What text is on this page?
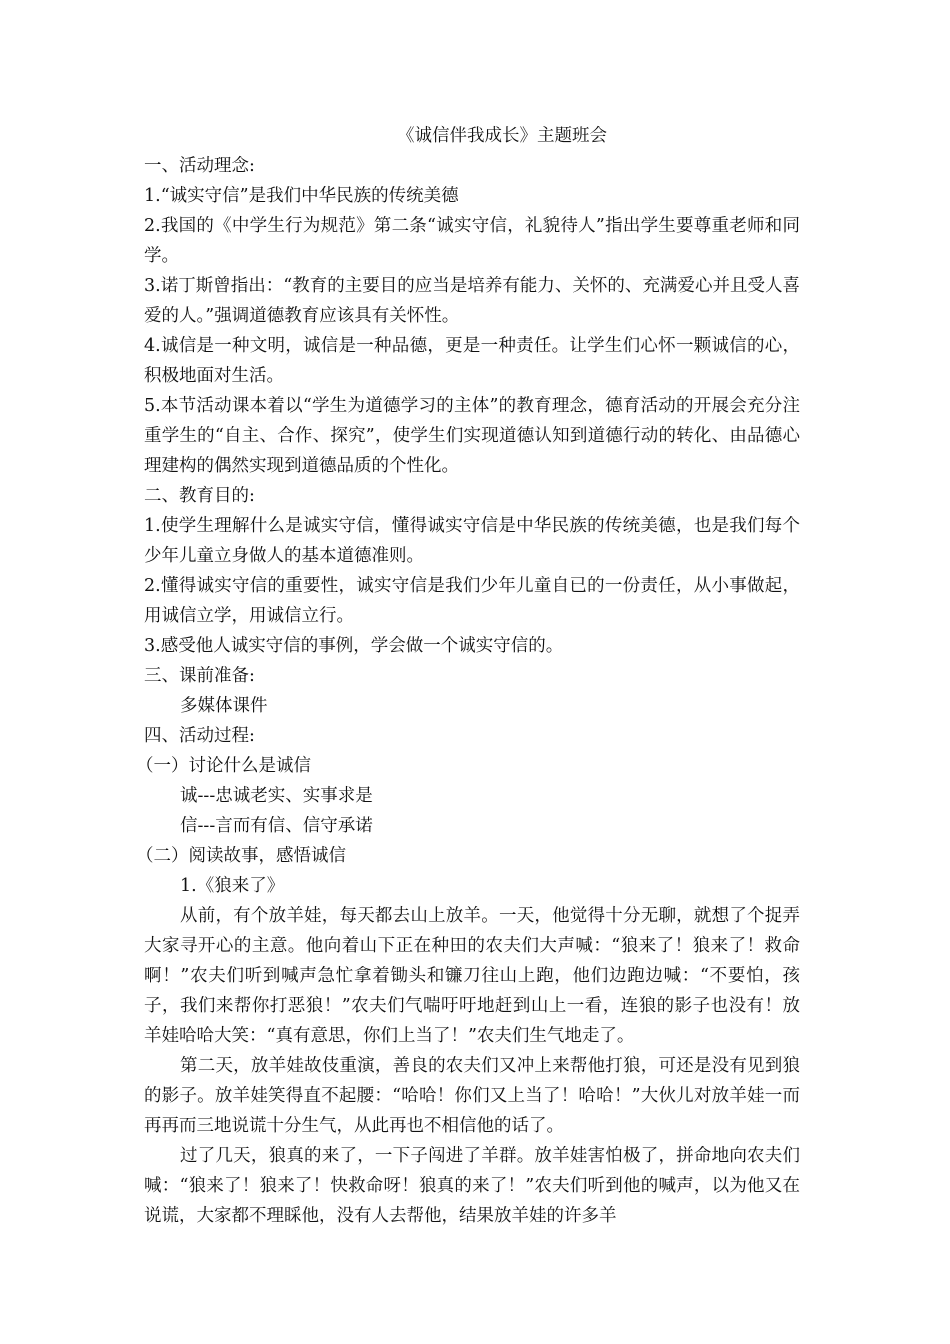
《诚信伴我成长》主题班会
一、活动理念:
1.“诚实守信”是我们中华民族的传统美德
2.我国的《中学生行为规范》第二条“诚实守信，礼貌待人”指出学生要尊重老师和同学。
3.诺丁斯曾指出：“教育的主要目的应当是培养有能力、关怀的、充满爱心并且受人喜爱的人。”强调道德教育应该具有关怀性。
4.诚信是一种文明，诚信是一种品德，更是一种责任。让学生们心怀一颗诚信的心，积极地面对生活。
5.本节活动课本着以“学生为道德学习的主体”的教育理念，德育活动的开展会充分注重学生的“自主、合作、探究”，使学生们实现道德认知到道德行动的转化、由品德心理建构的偶然实现到道德品质的个性化。
二、教育目的:
1.使学生理解什么是诚实守信，懂得诚实守信是中华民族的传统美德，也是我们每个少年儿童立身做人的基本道德准则。
2.懂得诚实守信的重要性，诚实守信是我们少年儿童自已的一份责任，从小事做起，用诚信立学，用诚信立行。
3.感受他人诚实守信的事例，学会做一个诚实守信的。
三、课前准备:
多媒体课件
四、活动过程:
（一）讨论什么是诚信
诚---忠诚老实、实事求是
信---言而有信、信守承诺
（二）阅读故事，感悟诚信
1.《狼来了》
从前，有个放羊娃，每天都去山上放羊。一天，他觉得十分无聊，就想了个捉弄大家寻开心的主意。他向着山下正在种田的农夫们大声喊：“狼来了！狼来了！救命啊！”农夫们听到喊声急忙拿着锄头和镰刀往山上跑，他们边跑边喊：“不要怕，孩子，我们来帮你打恶狼！”农夫们气喘吁吁地赶到山上一看，连狼的影子也没有！放羊娃哈哈大笑：“真有意思，你们上当了！”农夫们生气地走了。
第二天，放羊娃故伎重演，善良的农夫们又冲上来帮他打狼，可还是没有见到狼的影子。放羊娃笑得直不起腰：“哈哈！你们又上当了！哈哈！”大伙儿对放羊娃一而再再而三地说谎十分生气，从此再也不相信他的话了。
过了几天，狼真的来了，一下子闯进了羊群。放羊娃害怕极了，拼命地向农夫们喊：“狼来了！狼来了！快救命呀！狼真的来了！”农夫们听到他的喊声，以为他又在说谎，大家都不理睬他，没有人去帮他，结果放羊娃的许多羊
